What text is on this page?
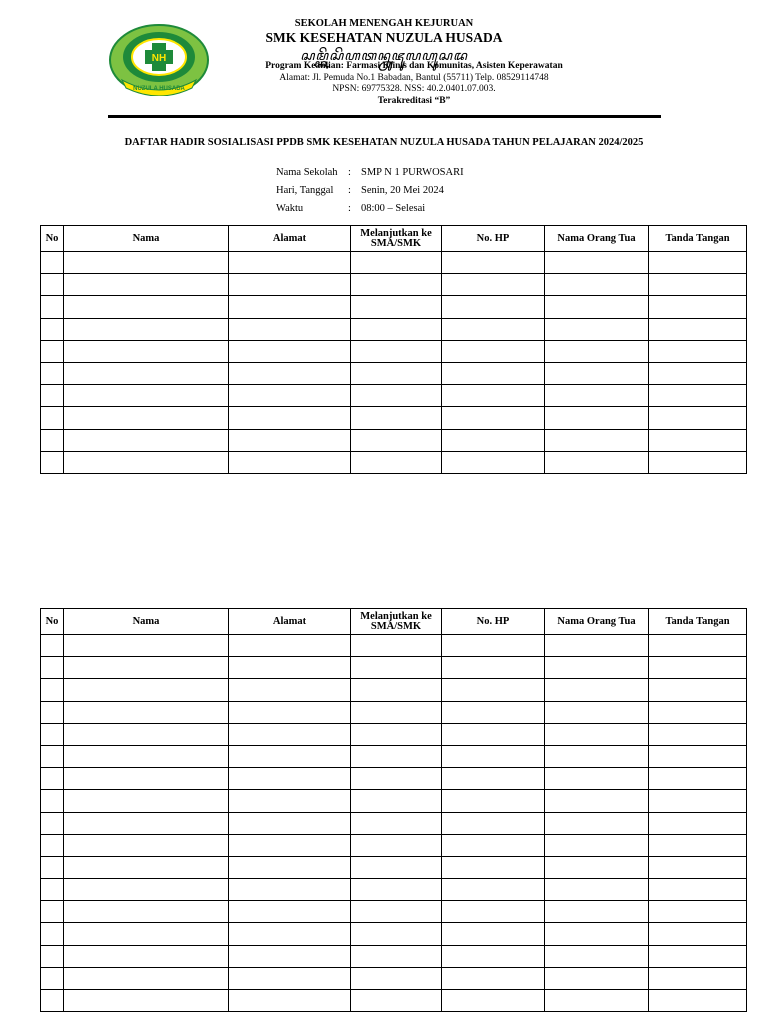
NH
NUZULA HUSADA
SEKOLAH MENENGAH KEJURUAN
SMK KESEHATAN NUZULA HUSADA
ꦱꦩ꧀ꦏꦼꦱꦼꦲꦠꦤ꧀ꦤꦸꦗꦸꦭꦲꦸꦱꦢ
Program Keahlian: Farmasi Klinis dan Komunitas, Asisten Keperawatan
Alamat: Jl. Pemuda No.1 Babadan, Bantul (55711) Telp. 08529114748
NPSN: 69775328. NSS: 40.2.0401.07.003.
Terakreditasi “B”
DAFTAR HADIR SOSIALISASI PPDB SMK KESEHATAN NUZULA HUSADA TAHUN PELAJARAN 2024/2025
Nama Sekolah : SMP N 1 PURWOSARI
Hari, Tanggal	: Senin, 20 Mei 2024
Waktu	: 08:00 – Selesai
No	Nama	Alamat	Melanjutkan ke SMA/SMK	No. HP	Nama Orang Tua	Tanda Tangan

No	Nama	Alamat	Melanjutkan ke SMA/SMK	No. HP	Nama Orang Tua	Tanda Tangan
